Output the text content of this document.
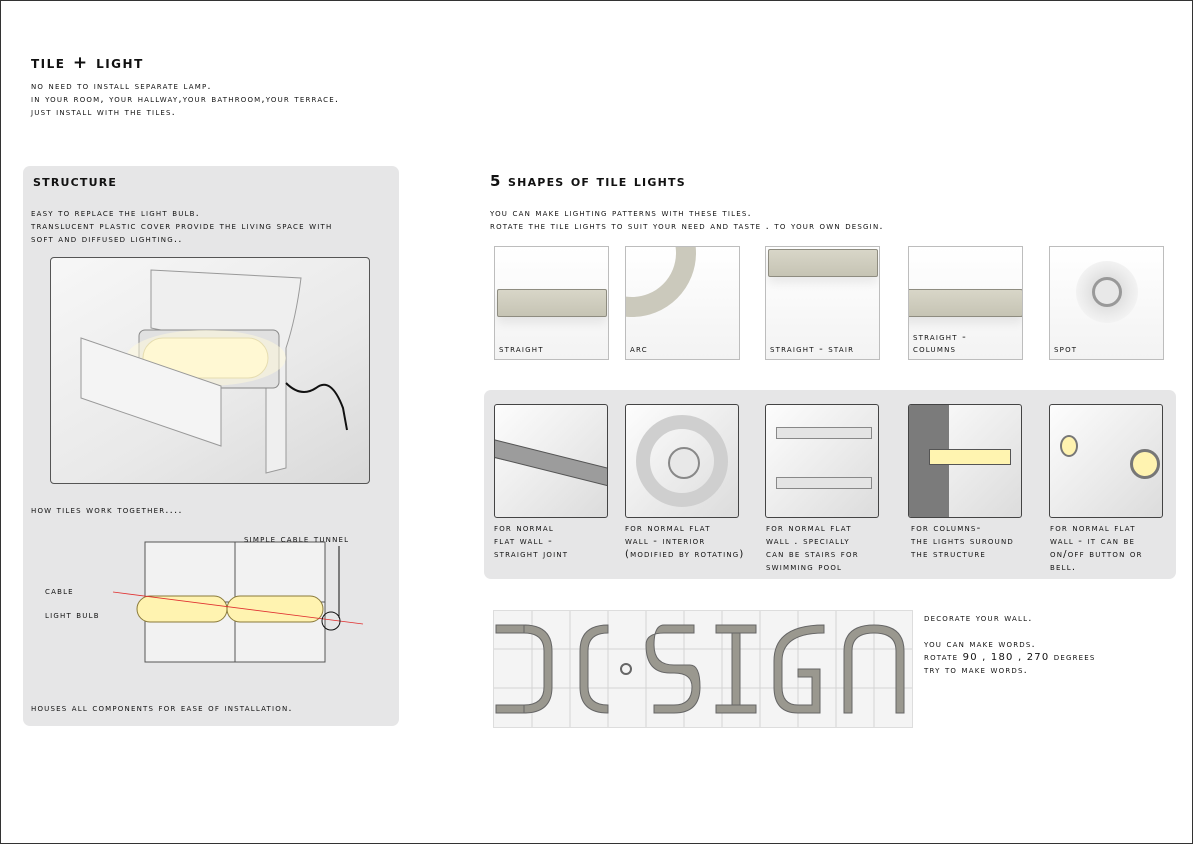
tile + light
no need to install separate lamp.
in your room, your hallway,your bathroom,your terrace.
just install with the tiles.
structure
easy to replace the light bulb.
translucent plastic cover provide the living space with
soft and diffused lighting..
how tiles work together....
simple cable tunnel
cable
light bulb
houses all components for ease of installation.
5 shapes of tile lights
you can make lighting patterns with these tiles.
rotate the tile lights to suit your need and taste . to your own desgin.
straight	arc	straight - stair
straight - columns	spot
for normal
flat wall -
straight joint
for normal flat
wall - interior
(modified by rotating)
for normal flat
wall . specially
can be stairs for
swimming pool
for columns-
the lights suround
the structure
for normal flat
wall - it can be
on/off button or
bell.
decorate your wall.
you can make words.
rotate 90 , 180 , 270 degrees
try to make words.
